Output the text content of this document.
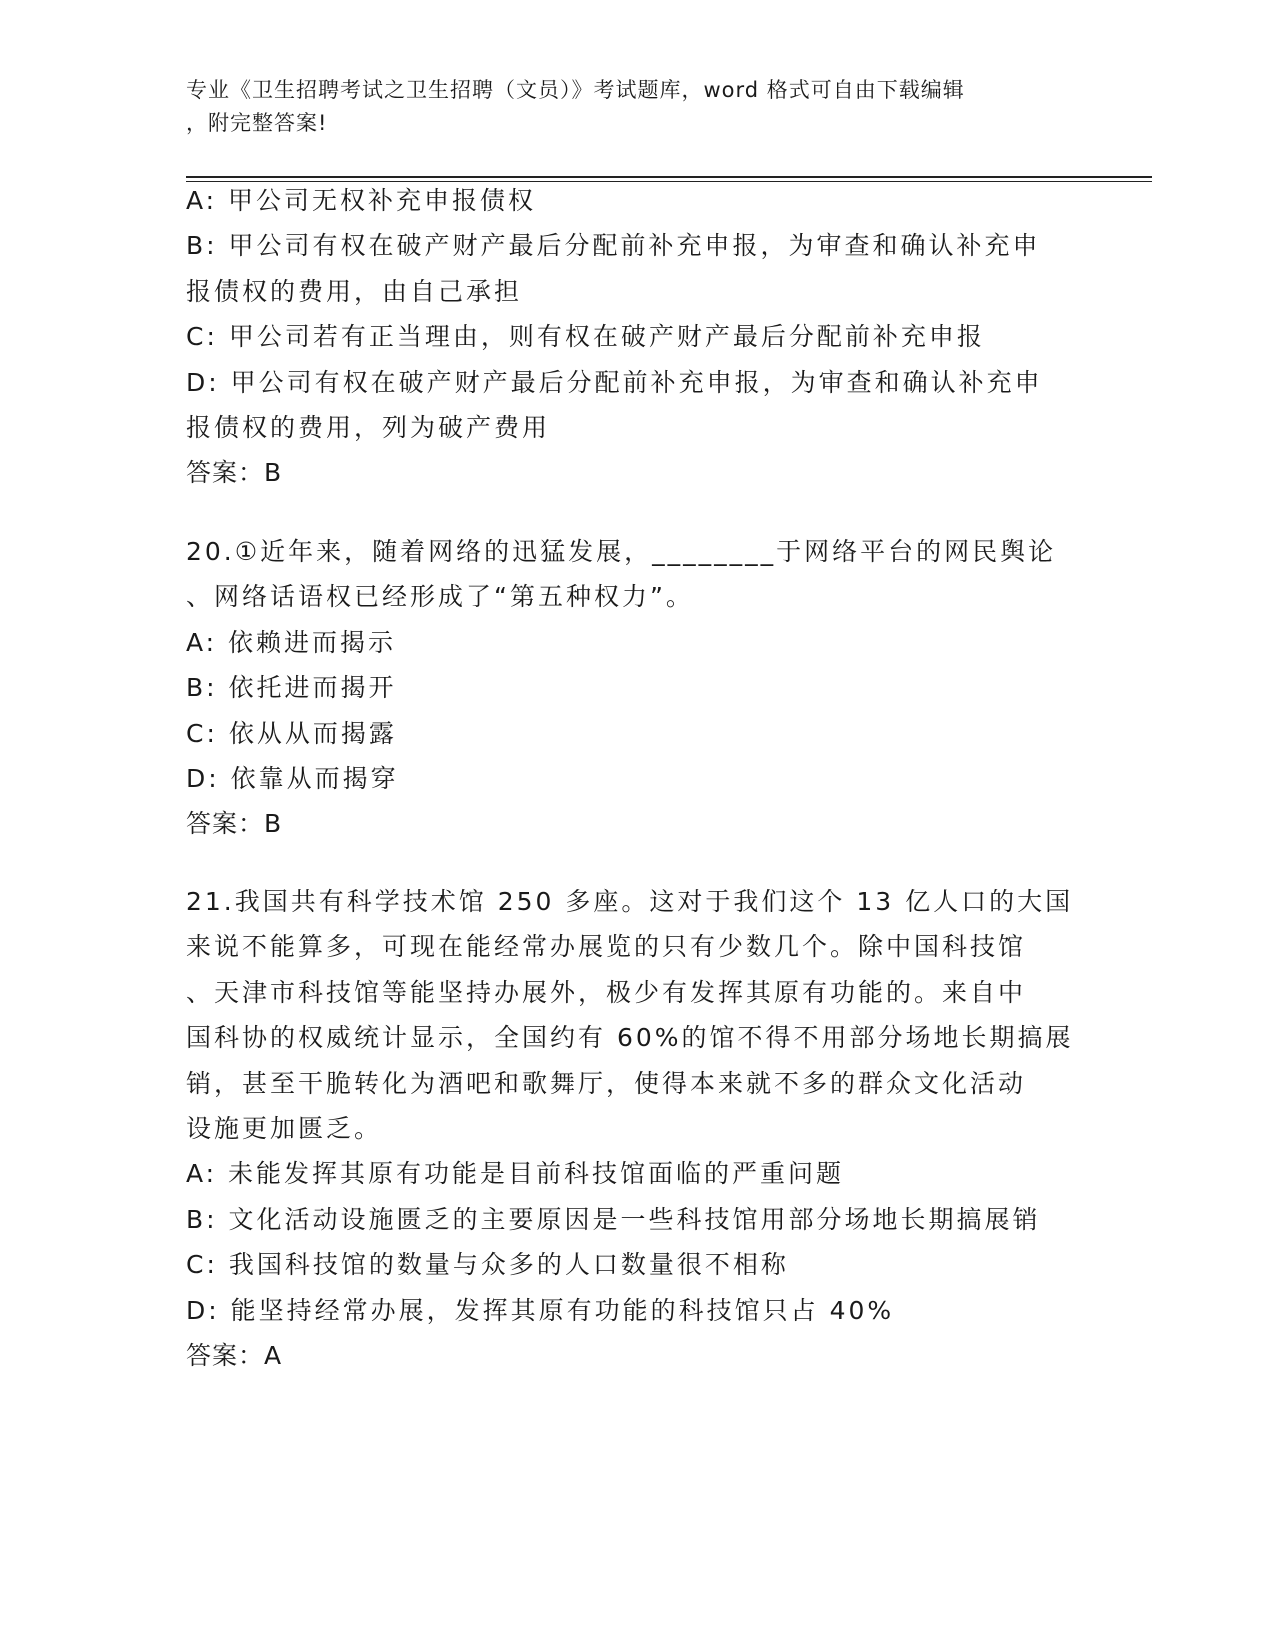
专业《卫生招聘考试之卫生招聘（文员）》考试题库，word 格式可自由下载编辑
，附完整答案!
A: 甲公司无权补充申报债权
B: 甲公司有权在破产财产最后分配前补充申报，为审查和确认补充申
报债权的费用，由自己承担
C: 甲公司若有正当理由，则有权在破产财产最后分配前补充申报
D: 甲公司有权在破产财产最后分配前补充申报，为审查和确认补充申
报债权的费用，列为破产费用
答案：B
20.①近年来，随着网络的迅猛发展，________于网络平台的网民舆论
、网络话语权已经形成了“第五种权力”。
A: 依赖进而揭示
B: 依托进而揭开
C: 依从从而揭露
D: 依靠从而揭穿
答案：B
21.我国共有科学技术馆 250 多座。这对于我们这个 13 亿人口的大国
来说不能算多，可现在能经常办展览的只有少数几个。除中国科技馆
、天津市科技馆等能坚持办展外，极少有发挥其原有功能的。来自中
国科协的权威统计显示，全国约有 60%的馆不得不用部分场地长期搞展
销，甚至干脆转化为酒吧和歌舞厅，使得本来就不多的群众文化活动
设施更加匮乏。
A: 未能发挥其原有功能是目前科技馆面临的严重问题
B: 文化活动设施匮乏的主要原因是一些科技馆用部分场地长期搞展销
C: 我国科技馆的数量与众多的人口数量很不相称
D: 能坚持经常办展，发挥其原有功能的科技馆只占 40%
答案：A
